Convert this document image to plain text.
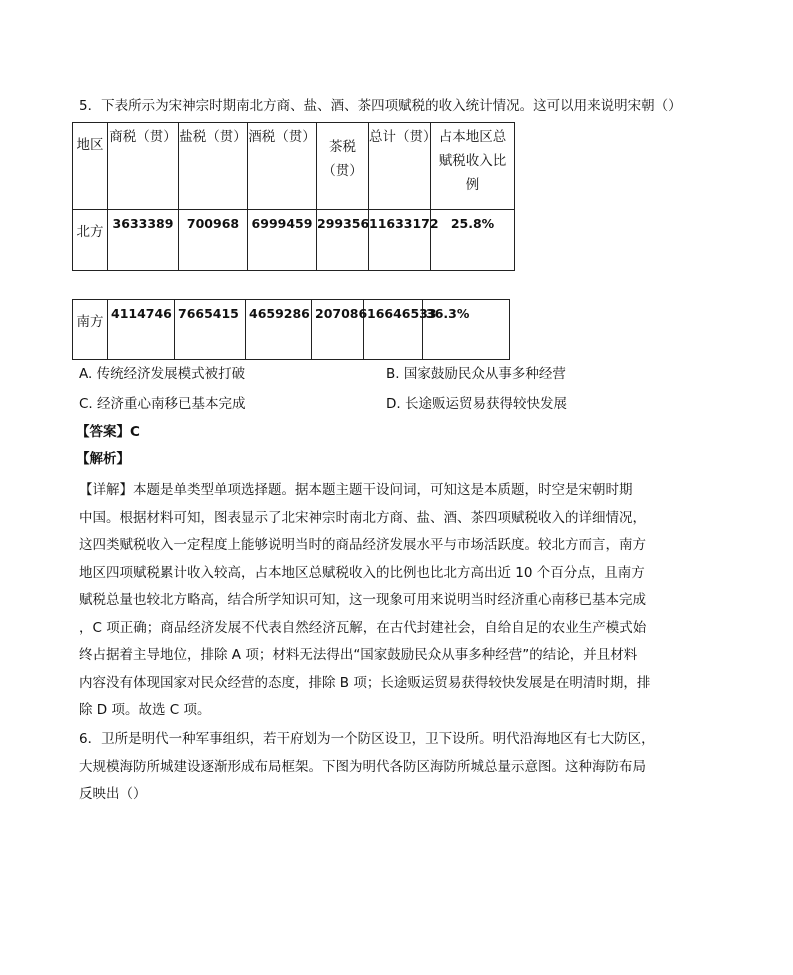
5．下表所示为宋神宗时期南北方商、盐、酒、茶四项赋税的收入统计情况。这可以用来说明宋朝（）
地区	商税（贯）	盐税（贯）	酒税（贯）	茶税（贯）	总计（贯）	占本地区总赋税收入比例
北方	3633389	700968	6999459	299356	11633172	25.8%
南方	4114746	7665415	4659286	207086	16646533	36.3%
A. 传统经济发展模式被打破	B. 国家鼓励民众从事多种经营
C. 经济重心南移已基本完成	D. 长途贩运贸易获得较快发展
【答案】C
【解析】
【详解】本题是单类型单项选择题。据本题主题干设问词，可知这是本质题，时空是宋朝时期
中国。根据材料可知，图表显示了北宋神宗时南北方商、盐、酒、茶四项赋税收入的详细情况，
这四类赋税收入一定程度上能够说明当时的商品经济发展水平与市场活跃度。较北方而言，南方
地区四项赋税累计收入较高，占本地区总赋税收入的比例也比北方高出近 10 个百分点，且南方
赋税总量也较北方略高，结合所学知识可知，这一现象可用来说明当时经济重心南移已基本完成
，C 项正确；商品经济发展不代表自然经济瓦解，在古代封建社会，自给自足的农业生产模式始
终占据着主导地位，排除 A 项；材料无法得出“国家鼓励民众从事多种经营”的结论，并且材料
内容没有体现国家对民众经营的态度，排除 B 项；长途贩运贸易获得较快发展是在明清时期，排
除 D 项。故选 C 项。
6．卫所是明代一种军事组织，若干府划为一个防区设卫，卫下设所。明代沿海地区有七大防区，
大规模海防所城建设逐渐形成布局框架。下图为明代各防区海防所城总量示意图。这种海防布局
反映出（）
